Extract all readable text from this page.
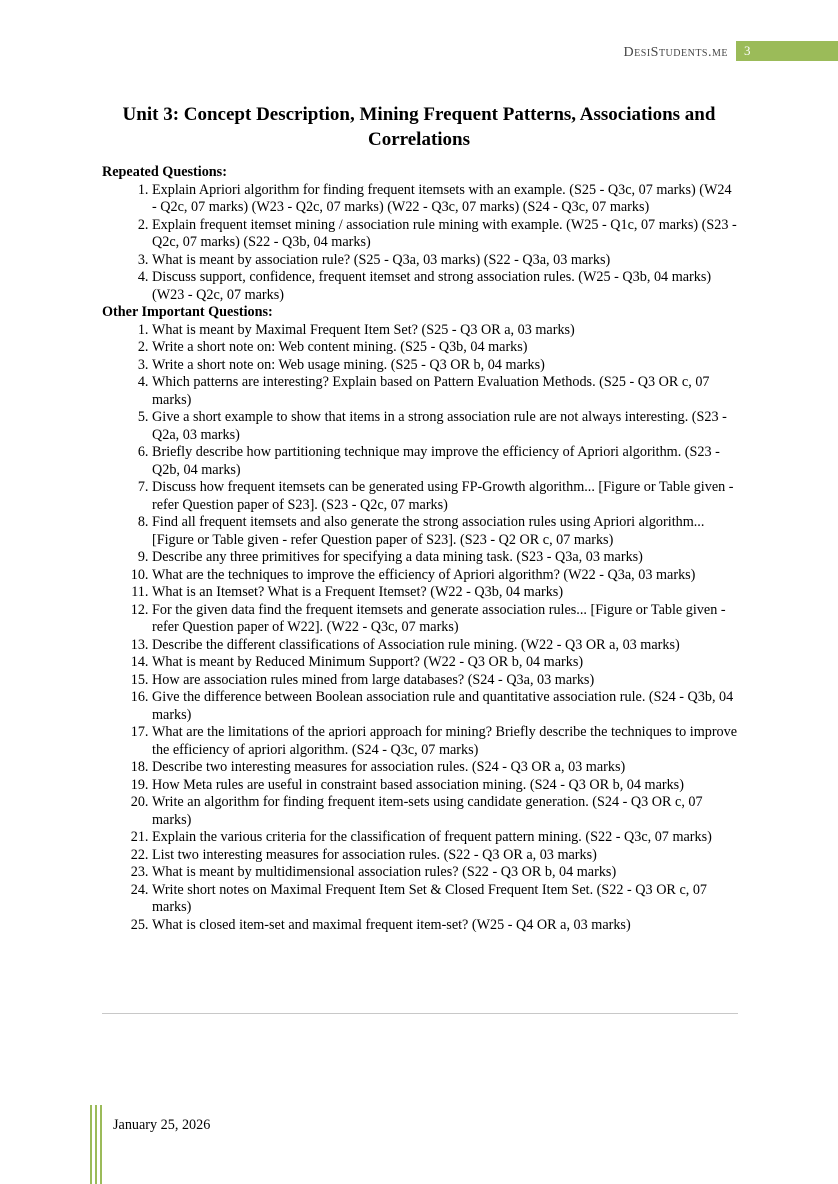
DesiStudents.me	3
Unit 3: Concept Description, Mining Frequent Patterns, Associations and Correlations
Repeated Questions:
1. Explain Apriori algorithm for finding frequent itemsets with an example. (S25 - Q3c, 07 marks) (W24 - Q2c, 07 marks) (W23 - Q2c, 07 marks) (W22 - Q3c, 07 marks) (S24 - Q3c, 07 marks)
2. Explain frequent itemset mining / association rule mining with example. (W25 - Q1c, 07 marks) (S23 - Q2c, 07 marks) (S22 - Q3b, 04 marks)
3. What is meant by association rule? (S25 - Q3a, 03 marks) (S22 - Q3a, 03 marks)
4. Discuss support, confidence, frequent itemset and strong association rules. (W25 - Q3b, 04 marks) (W23 - Q2c, 07 marks)
Other Important Questions:
1. What is meant by Maximal Frequent Item Set? (S25 - Q3 OR a, 03 marks)
2. Write a short note on: Web content mining. (S25 - Q3b, 04 marks)
3. Write a short note on: Web usage mining. (S25 - Q3 OR b, 04 marks)
4. Which patterns are interesting? Explain based on Pattern Evaluation Methods. (S25 - Q3 OR c, 07 marks)
5. Give a short example to show that items in a strong association rule are not always interesting. (S23 - Q2a, 03 marks)
6. Briefly describe how partitioning technique may improve the efficiency of Apriori algorithm. (S23 - Q2b, 04 marks)
7. Discuss how frequent itemsets can be generated using FP-Growth algorithm... [Figure or Table given - refer Question paper of S23]. (S23 - Q2c, 07 marks)
8. Find all frequent itemsets and also generate the strong association rules using Apriori algorithm... [Figure or Table given - refer Question paper of S23]. (S23 - Q2 OR c, 07 marks)
9. Describe any three primitives for specifying a data mining task. (S23 - Q3a, 03 marks)
10. What are the techniques to improve the efficiency of Apriori algorithm? (W22 - Q3a, 03 marks)
11. What is an Itemset? What is a Frequent Itemset? (W22 - Q3b, 04 marks)
12. For the given data find the frequent itemsets and generate association rules... [Figure or Table given - refer Question paper of W22]. (W22 - Q3c, 07 marks)
13. Describe the different classifications of Association rule mining. (W22 - Q3 OR a, 03 marks)
14. What is meant by Reduced Minimum Support? (W22 - Q3 OR b, 04 marks)
15. How are association rules mined from large databases? (S24 - Q3a, 03 marks)
16. Give the difference between Boolean association rule and quantitative association rule. (S24 - Q3b, 04 marks)
17. What are the limitations of the apriori approach for mining? Briefly describe the techniques to improve the efficiency of apriori algorithm. (S24 - Q3c, 07 marks)
18. Describe two interesting measures for association rules. (S24 - Q3 OR a, 03 marks)
19. How Meta rules are useful in constraint based association mining. (S24 - Q3 OR b, 04 marks)
20. Write an algorithm for finding frequent item-sets using candidate generation. (S24 - Q3 OR c, 07 marks)
21. Explain the various criteria for the classification of frequent pattern mining. (S22 - Q3c, 07 marks)
22. List two interesting measures for association rules. (S22 - Q3 OR a, 03 marks)
23. What is meant by multidimensional association rules? (S22 - Q3 OR b, 04 marks)
24. Write short notes on Maximal Frequent Item Set & Closed Frequent Item Set. (S22 - Q3 OR c, 07 marks)
25. What is closed item-set and maximal frequent item-set? (W25 - Q4 OR a, 03 marks)
January 25, 2026
